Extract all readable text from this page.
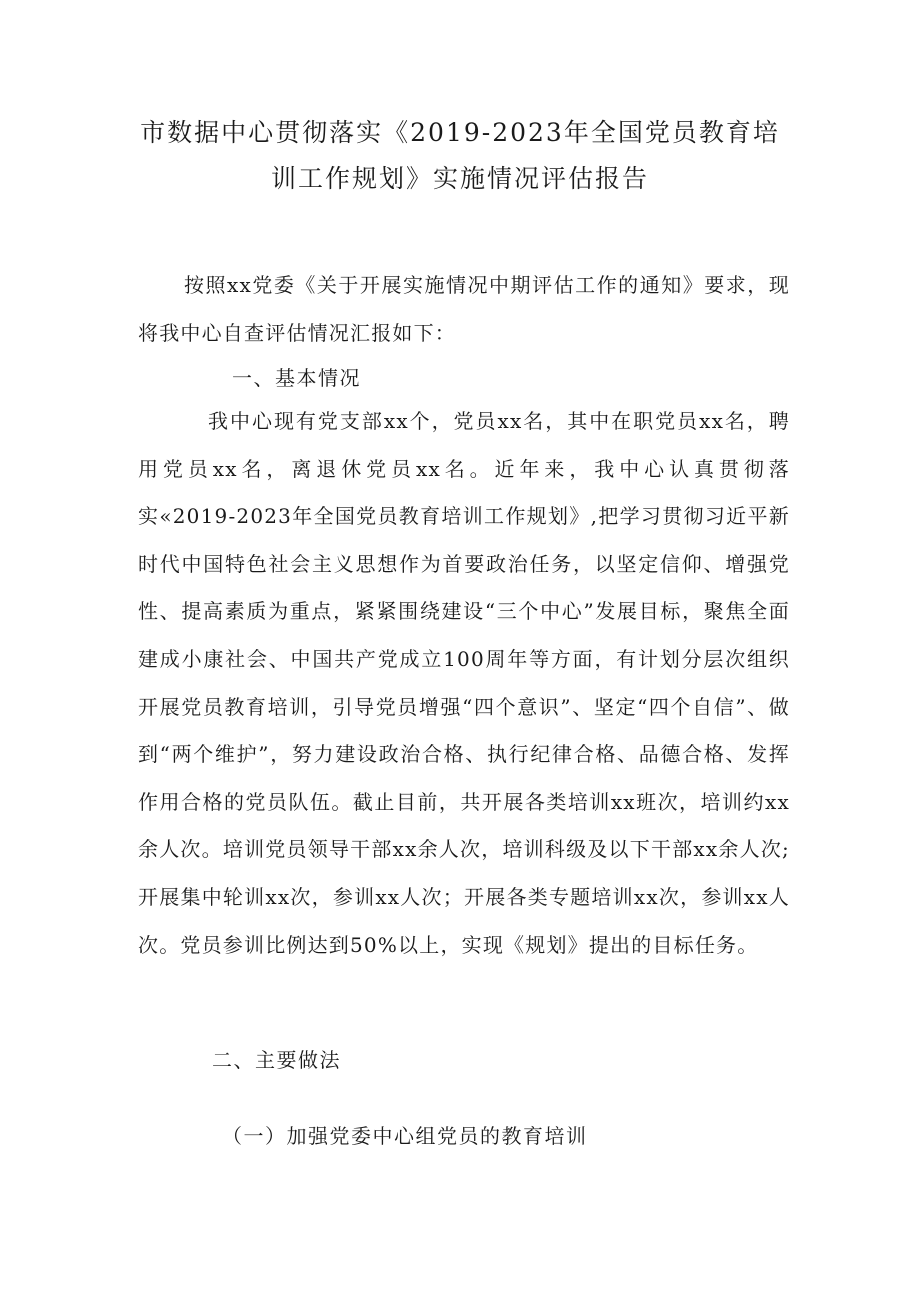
市数据中心贯彻落实《2019-2023年全国党员教育培
训工作规划》实施情况评估报告

按照xx党委《关于开展实施情况中期评估工作的通知》要求，现将我中心自查评估情况汇报如下：

一、基本情况

我中心现有党支部xx个，党员xx名，其中在职党员xx名，聘用党员xx名，离退休党员xx名。近年来，我中心认真贯彻落实«2019-2023年全国党员教育培训工作规划》,把学习贯彻习近平新时代中国特色社会主义思想作为首要政治任务，以坚定信仰、增强党性、提高素质为重点，紧紧围绕建设“三个中心”发展目标，聚焦全面建成小康社会、中国共产党成立100周年等方面，有计划分层次组织开展党员教育培训，引导党员增强“四个意识”、坚定“四个自信”、做到“两个维护”，努力建设政治合格、执行纪律合格、品德合格、发挥作用合格的党员队伍。截止目前，共开展各类培训xx班次，培训约xx余人次。培训党员领导干部xx余人次，培训科级及以下干部xx余人次;开展集中轮训xx次，参训xx人次；开展各类专题培训xx次，参训xx人次。党员参训比例达到50%以上，实现《规划》提出的目标任务。

二、主要做法
（一）加强党委中心组党员的教育培训
